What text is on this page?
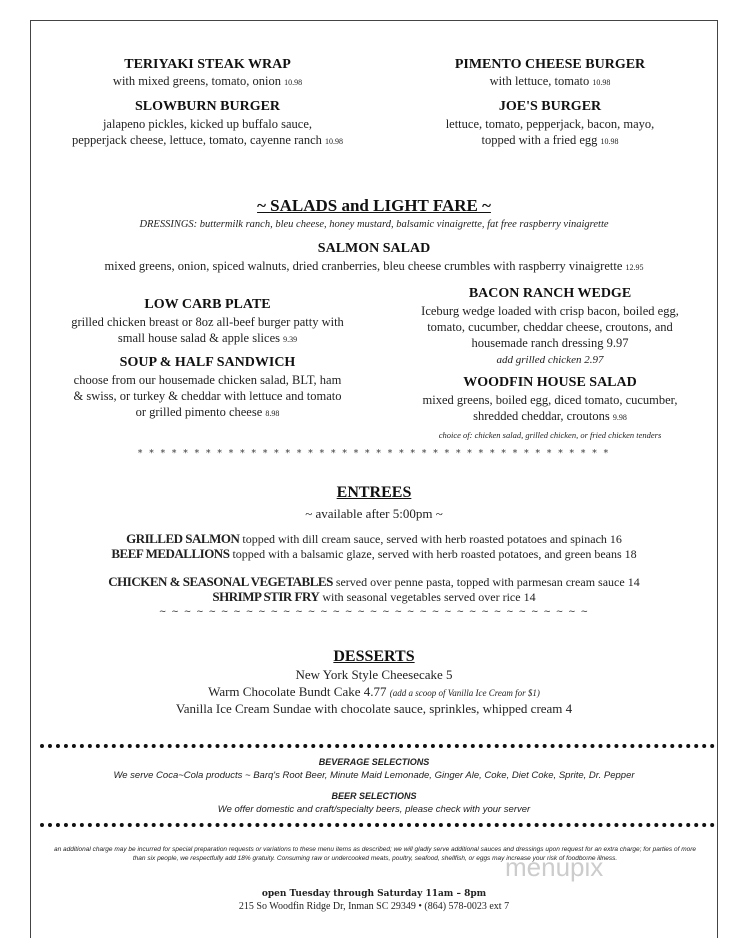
TERIYAKI STEAK WRAP
with mixed greens, tomato, onion 10.98
PIMENTO CHEESE BURGER
with lettuce, tomato 10.98
SLOWBURN BURGER
jalapeno pickles, kicked up buffalo sauce,
pepperjack cheese, lettuce, tomato, cayenne ranch 10.98
JOE'S BURGER
lettuce, tomato, pepperjack, bacon, mayo,
topped with a fried egg 10.98
~ SALADS and LIGHT FARE ~
DRESSINGS: buttermilk ranch, bleu cheese, honey mustard, balsamic vinaigrette, fat free raspberry vinaigrette
SALMON SALAD
mixed greens, onion, spiced walnuts, dried cranberries, bleu cheese crumbles with raspberry vinaigrette 12.95
LOW CARB PLATE
grilled chicken breast or 8oz all-beef burger patty with
small house salad & apple slices 9.39
SOUP & HALF SANDWICH
choose from our housemade chicken salad, BLT, ham
& swiss, or turkey & cheddar with lettuce and tomato
or grilled pimento cheese 8.98
BACON RANCH WEDGE
Iceburg wedge loaded with crisp bacon, boiled egg,
tomato, cucumber, cheddar cheese, croutons, and
housemade ranch dressing 9.97
add grilled chicken 2.97
WOODFIN HOUSE SALAD
mixed greens, boiled egg, diced tomato, cucumber,
shredded cheddar, croutons 9.98
choice of: chicken salad, grilled chicken, or fried chicken tenders
* * * * * * * * * * * * * * * * * * * * * * * * * * * * * * * * * * * * * * * * * *
ENTREES
~ available after 5:00pm ~
GRILLED SALMON topped with dill cream sauce, served with herb roasted potatoes and spinach 16
BEEF MEDALLIONS topped with a balsamic glaze, served with herb roasted potatoes, and green beans 18
CHICKEN & SEASONAL VEGETABLES served over penne pasta, topped with parmesan cream sauce 14
SHRIMP STIR FRY with seasonal vegetables served over rice 14
~ ~ ~ ~ ~ ~ ~ ~ ~ ~ ~ ~ ~ ~ ~ ~ ~ ~ ~ ~ ~ ~ ~ ~ ~ ~ ~ ~ ~ ~ ~ ~ ~ ~ ~
DESSERTS
New York Style Cheesecake 5
Warm Chocolate Bundt Cake 4.77 (add a scoop of Vanilla Ice Cream for $1)
Vanilla Ice Cream Sundae with chocolate sauce, sprinkles, whipped cream 4
BEVERAGE SELECTIONS
We serve Coca~Cola products ~ Barq's Root Beer, Minute Maid Lemonade, Ginger Ale, Coke, Diet Coke, Sprite, Dr. Pepper
BEER SELECTIONS
We offer domestic and craft/specialty beers, please check with your server
an additional charge may be incurred for special preparation requests or variations to these menu items as described; we will gladly serve additional sauces and dressings upon request for an extra charge; for parties of more than six people, we respectfully add 18% gratuity. Consuming raw or undercooked meats, poultry, seafood, shellfish, or eggs may increase your risk of foodborne illness.
menupix
open Tuesday through Saturday 11am – 8pm
215 So Woodfin Ridge Dr, Inman SC 29349 • (864) 578-0023 ext 7
